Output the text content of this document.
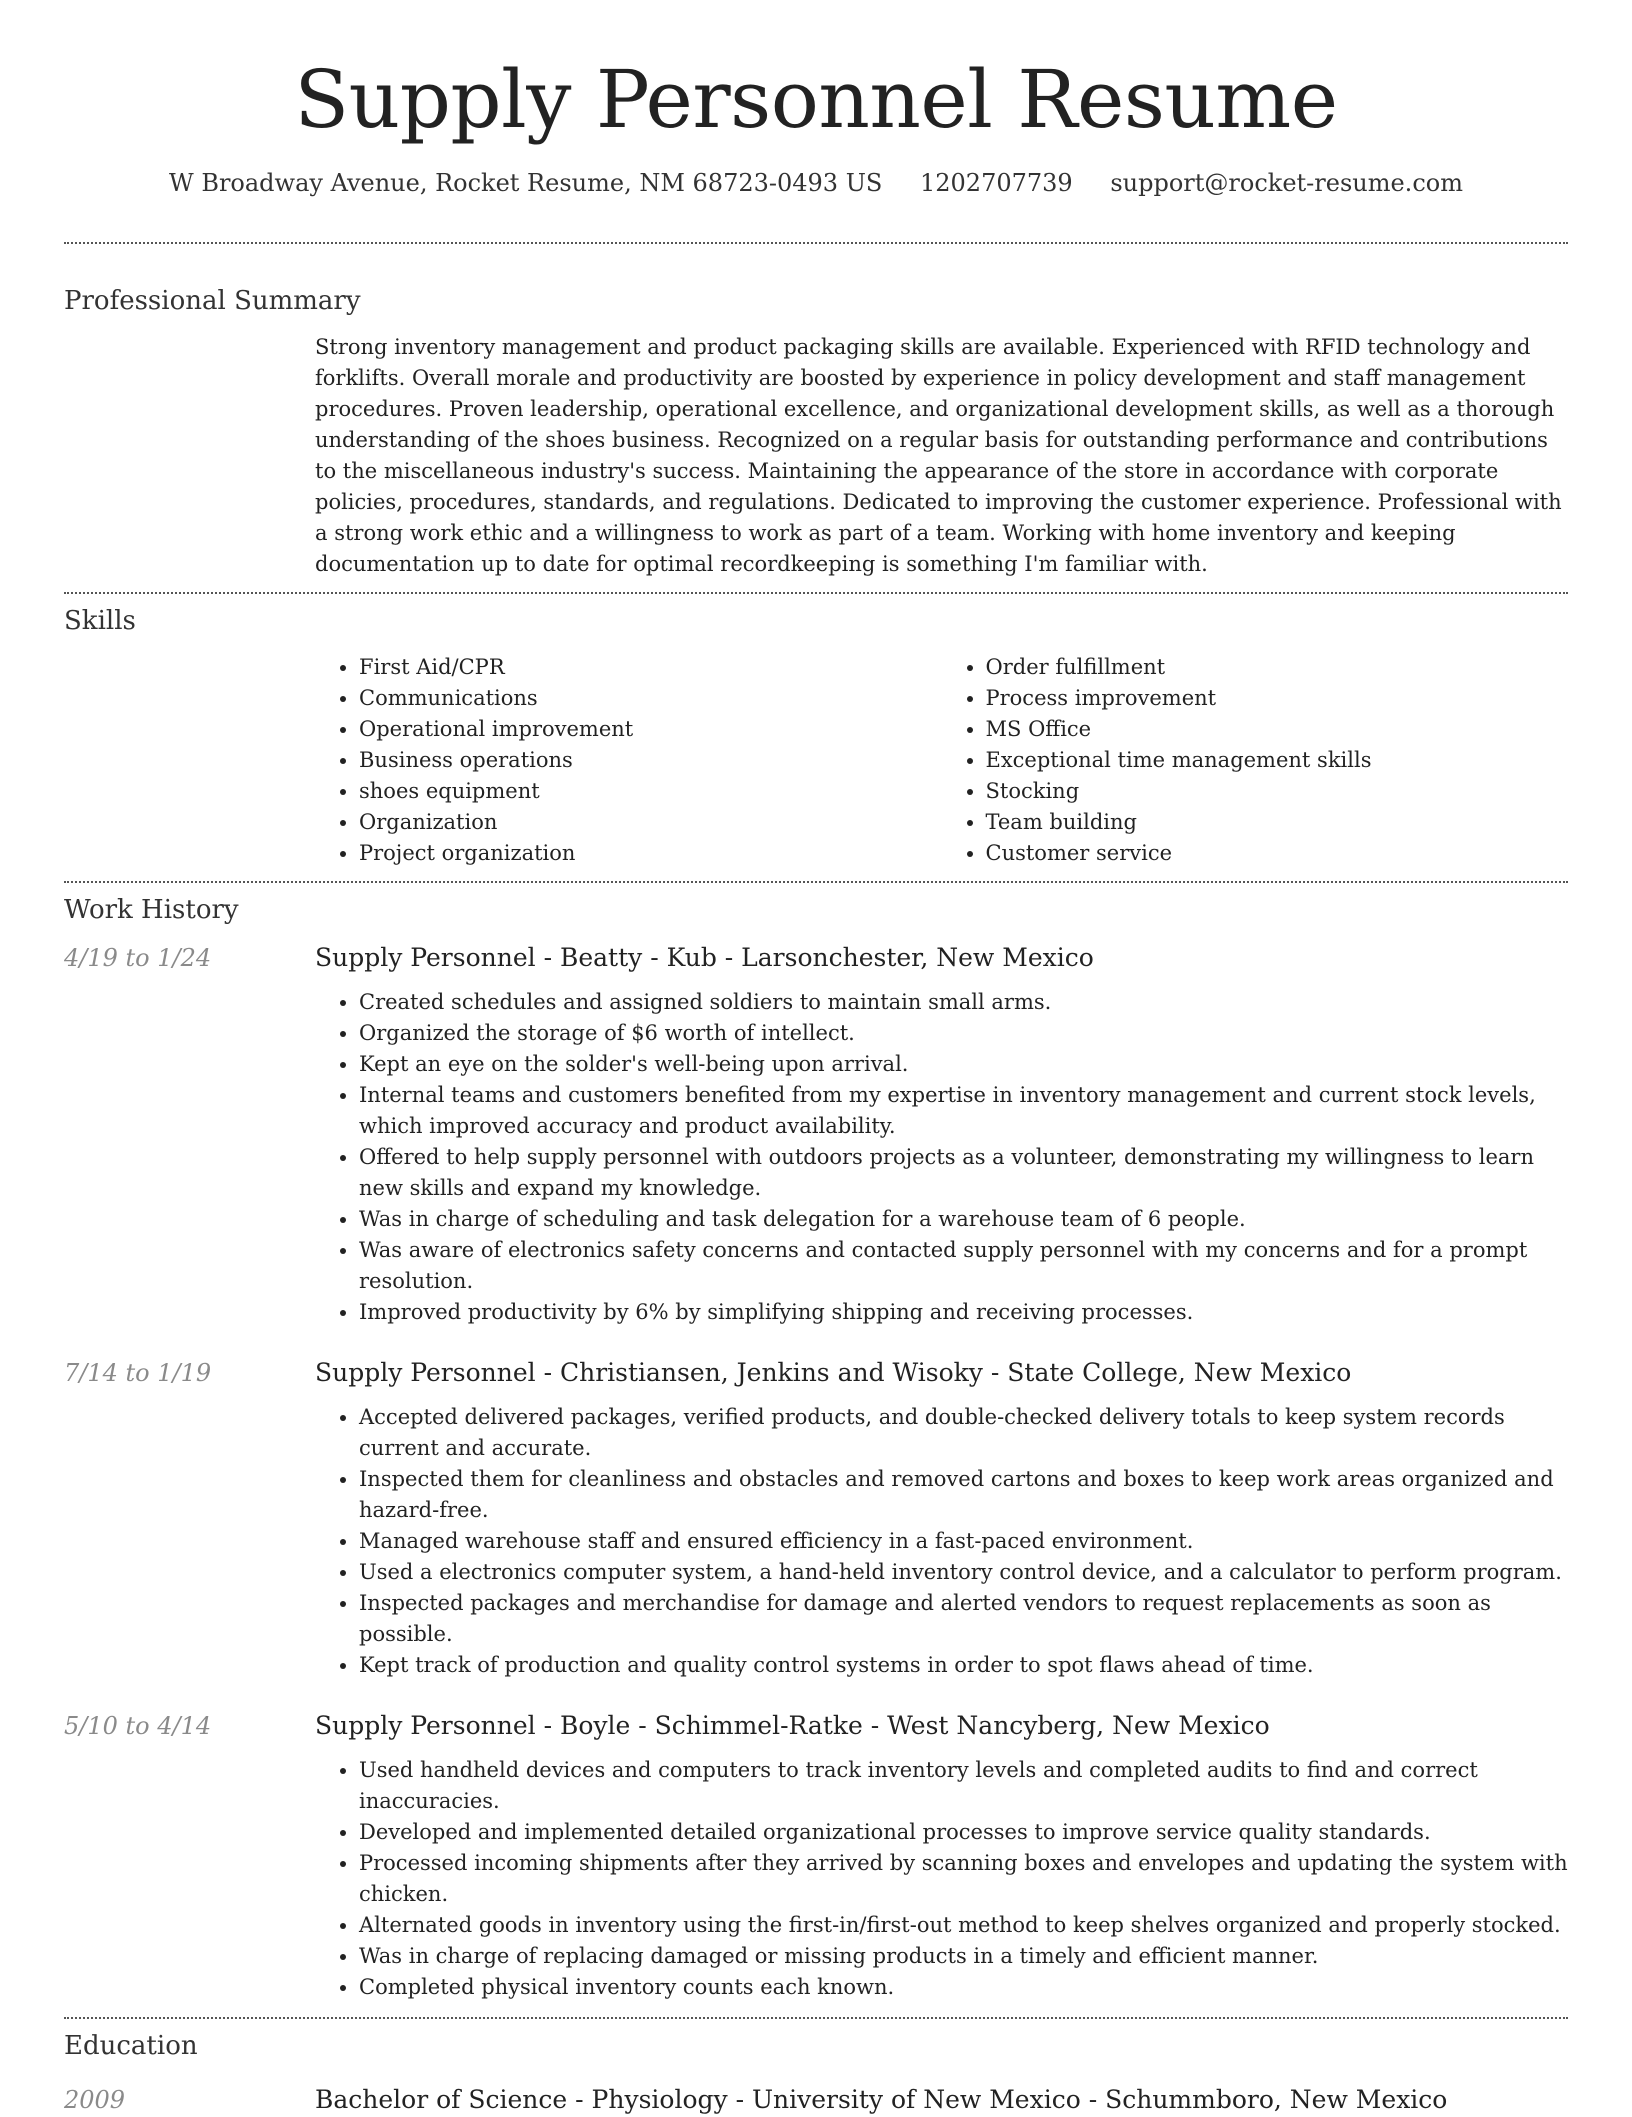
Supply Personnel Resume
W Broadway Avenue, Rocket Resume, NM 68723-0493 US 1202707739 support@rocket-resume.com
Professional Summary

Strong inventory management and product packaging skills are available. Experienced with RFID technology and forklifts. Overall morale and productivity are boosted by experience in policy development and staff management procedures. Proven leadership, operational excellence, and organizational development skills, as well as a thorough understanding of the shoes business. Recognized on a regular basis for outstanding performance and contributions to the miscellaneous industry's success. Maintaining the appearance of the store in accordance with corporate policies, procedures, standards, and regulations. Dedicated to improving the customer experience. Professional with a strong work ethic and a willingness to work as part of a team. Working with home inventory and keeping documentation up to date for optimal recordkeeping is something I'm familiar with.

Skills
• First Aid/CPR
• Communications
• Operational improvement
• Business operations
• shoes equipment
• Organization
• Project organization
• Order fulfillment
• Process improvement
• MS Office
• Exceptional time management skills
• Stocking
• Team building
• Customer service
Work History
4/19 to 1/24	Supply Personnel - Beatty - Kub - Larsonchester, New Mexico
• Created schedules and assigned soldiers to maintain small arms.
• Organized the storage of $6 worth of intellect.
• Kept an eye on the solder's well-being upon arrival.
• Internal teams and customers benefited from my expertise in inventory management and current stock levels, which improved accuracy and product availability.
• Offered to help supply personnel with outdoors projects as a volunteer, demonstrating my willingness to learn new skills and expand my knowledge.
• Was in charge of scheduling and task delegation for a warehouse team of 6 people.
• Was aware of electronics safety concerns and contacted supply personnel with my concerns and for a prompt resolution.
• Improved productivity by 6% by simplifying shipping and receiving processes.
7/14 to 1/19	Supply Personnel - Christiansen, Jenkins and Wisoky - State College, New Mexico
• Accepted delivered packages, verified products, and double-checked delivery totals to keep system records current and accurate.
• Inspected them for cleanliness and obstacles and removed cartons and boxes to keep work areas organized and hazard-free.
• Managed warehouse staff and ensured efficiency in a fast-paced environment.
• Used a electronics computer system, a hand-held inventory control device, and a calculator to perform program.
• Inspected packages and merchandise for damage and alerted vendors to request replacements as soon as possible.
• Kept track of production and quality control systems in order to spot flaws ahead of time.
5/10 to 4/14	Supply Personnel - Boyle - Schimmel-Ratke - West Nancyberg, New Mexico
• Used handheld devices and computers to track inventory levels and completed audits to find and correct inaccuracies.
• Developed and implemented detailed organizational processes to improve service quality standards.
• Processed incoming shipments after they arrived by scanning boxes and envelopes and updating the system with chicken.
• Alternated goods in inventory using the first-in/first-out method to keep shelves organized and properly stocked.
• Was in charge of replacing damaged or missing products in a timely and efficient manner.
• Completed physical inventory counts each known.
Education
2009	Bachelor of Science - Physiology - University of New Mexico - Schummboro, New Mexico
